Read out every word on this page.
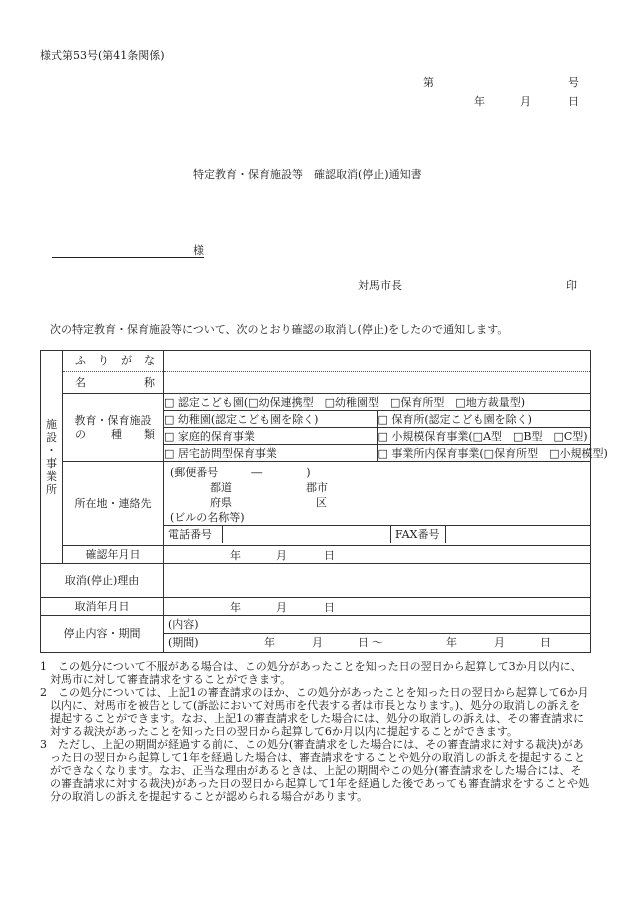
様式第53号(第41条関係)
第	号
年	月	日
特定教育・保育施設等　確認取消(停止)通知書
様
対馬市長	印
次の特定教育・保育施設等について、次のとおり確認の取消し(停止)をしたので通知します。
施
設
・
事
業
所

ふ り が な
名	称

教育・保育施設
の 種　　類

□ 認定こども園(□幼保連携型　□幼稚園型　□保育所型　□地方裁量型)
□ 幼稚園(認定こども園を除く)	□ 保育所(認定こども園を除く)
□ 家庭的保育事業	□ 小規模保育事業(□A型　□B型　□C型)
□ 居宅訪問型保育事業	□ 事業所内保育事業(□保育所型　□小規模型)

所在地・連絡先	
(郵便番号　　　―　　　　)
都道	郡市
府県	区
(ビルの名称等)
電話番号	FAX番号

確認年月日	年	月	日

取消(停止)理由	
取消年月日	年	月	日

停止内容・期間	
(内容)
(期間)	年	月	日 ～	年	月	日

1　この処分について不服がある場合は、この処分があったことを知った日の翌日から起算して3か月以内に、対馬市に対して審査請求をすることができます。

2　この処分については、上記1の審査請求のほか、この処分があったことを知った日の翌日から起算して6か月以内に、対馬市を被告として(訴訟において対馬市を代表する者は市長となります。)、処分の取消しの訴えを提起することができます。なお、上記1の審査請求をした場合には、処分の取消しの訴えは、その審査請求に対する裁決があったことを知った日の翌日から起算して6か月以内に提起することができます。

3　ただし、上記の期間が経過する前に、この処分(審査請求をした場合には、その審査請求に対する裁決)があった日の翌日から起算して1年を経過した場合は、審査請求をすることや処分の取消しの訴えを提起することができなくなります。なお、正当な理由があるときは、上記の期間やこの処分(審査請求をした場合には、その審査請求に対する裁決)があった日の翌日から起算して1年を経過した後であっても審査請求をすることや処分の取消しの訴えを提起することが認められる場合があります。
